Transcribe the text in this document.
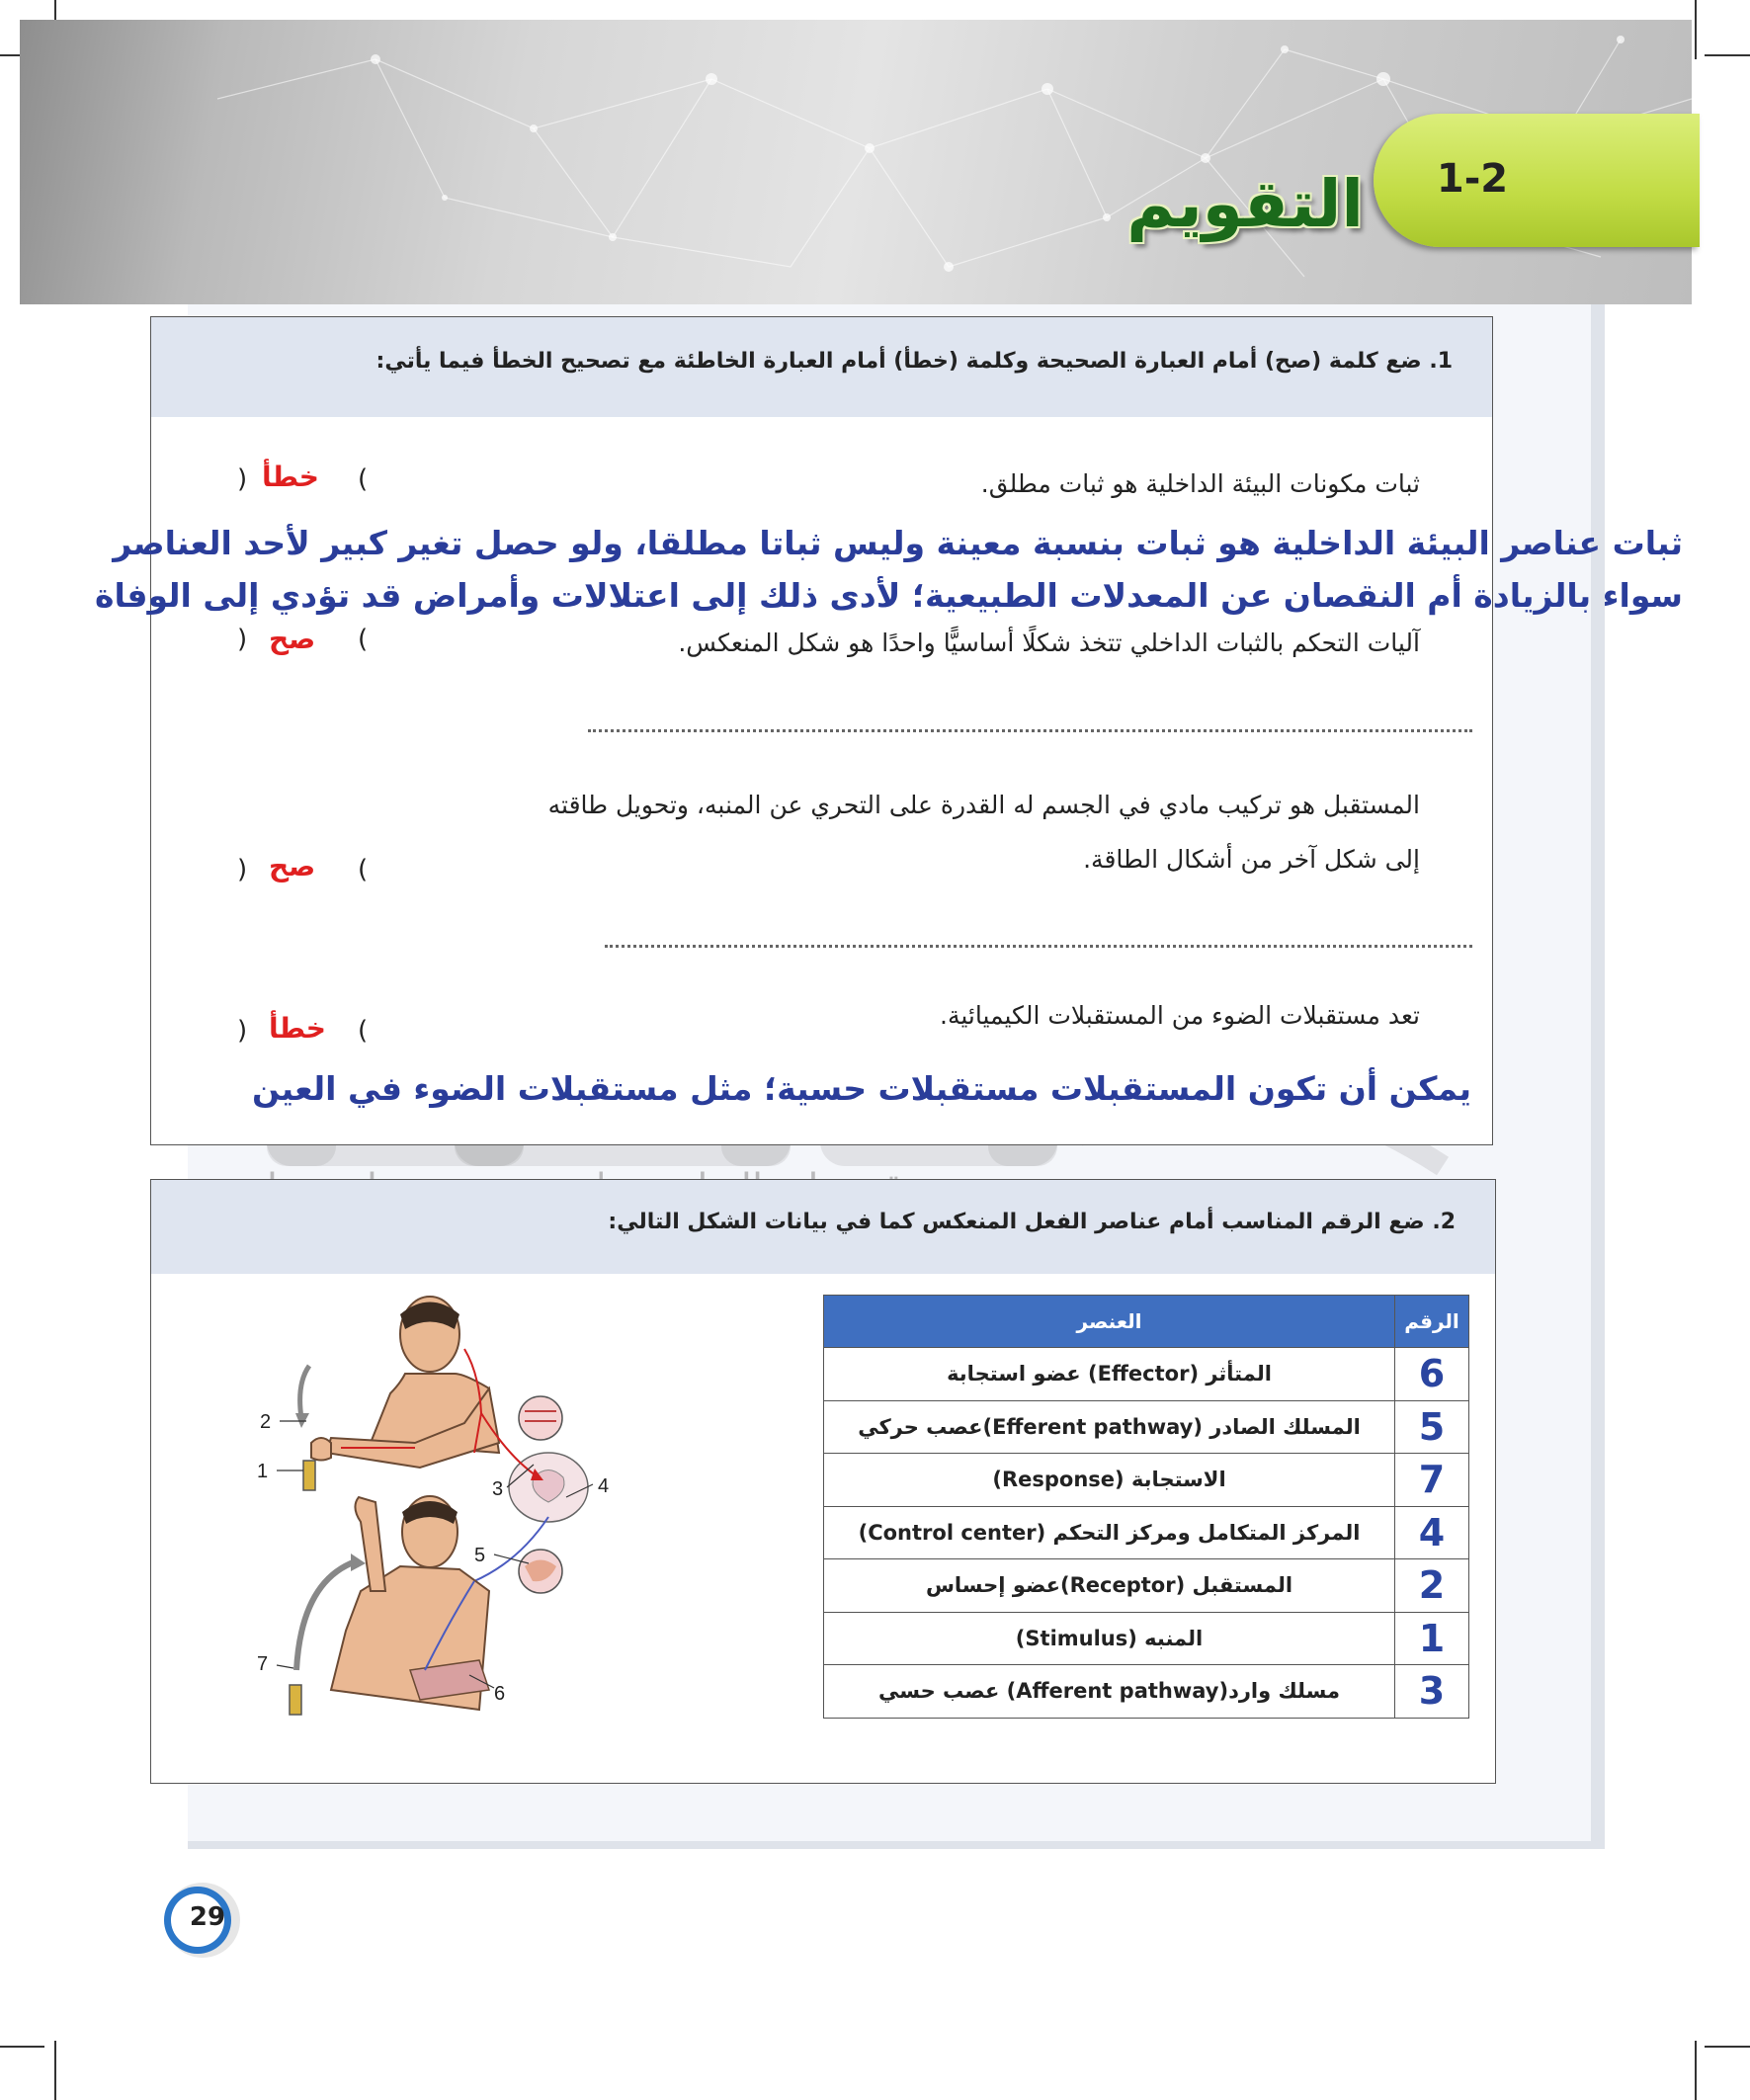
1-2
التقويم
1. ضع كلمة (صح) أمام العبارة الصحيحة وكلمة (خطأ) أمام العبارة الخاطئة مع تصحيح الخطأ فيما يأتي:
ثبات مكونات البيئة الداخلية هو ثبات مطلق.
(
خطأ
)
ثبات عناصر البيئة الداخلية هو ثبات بنسبة معينة وليس ثباتا مطلقا، ولو حصل تغير كبير لأحد العناصر
سواء بالزيادة أم النقصان عن المعدلات الطبيعية؛ لأدى ذلك إلى اعتلالات وأمراض قد تؤدي إلى الوفاة
آليات التحكم بالثبات الداخلي تتخذ شكلًا أساسيًّا واحدًا هو شكل المنعكس.
(
صح
)
المستقبل هو تركيب مادي في الجسم له القدرة على التحري عن المنبه، وتحويل طاقته
إلى شكل آخر من أشكال الطاقة.
(
صح
)
تعد مستقبلات الضوء من المستقبلات الكيميائية.
(
خطأ
)
يمكن أن تكون المستقبلات مستقبلات حسية؛ مثل مستقبلات الضوء في العين
2. ضع الرقم المناسب أمام عناصر الفعل المنعكس كما في بيانات الشكل التالي:
1
2
3	4
5
6
7
العنصر	الرقم
المتأثر (Effector) عضو استجابة	6
المسلك الصادر (Efferent pathway)عصب حركي	5
الاستجابة (Response)	7
المركز المتكامل ومركز التحكم (Control center)	4
المستقبل (Receptor)عضو إحساس	2
المنبه (Stimulus)	1
مسلك وارد(Afferent pathway) عصب حسي	3
29
